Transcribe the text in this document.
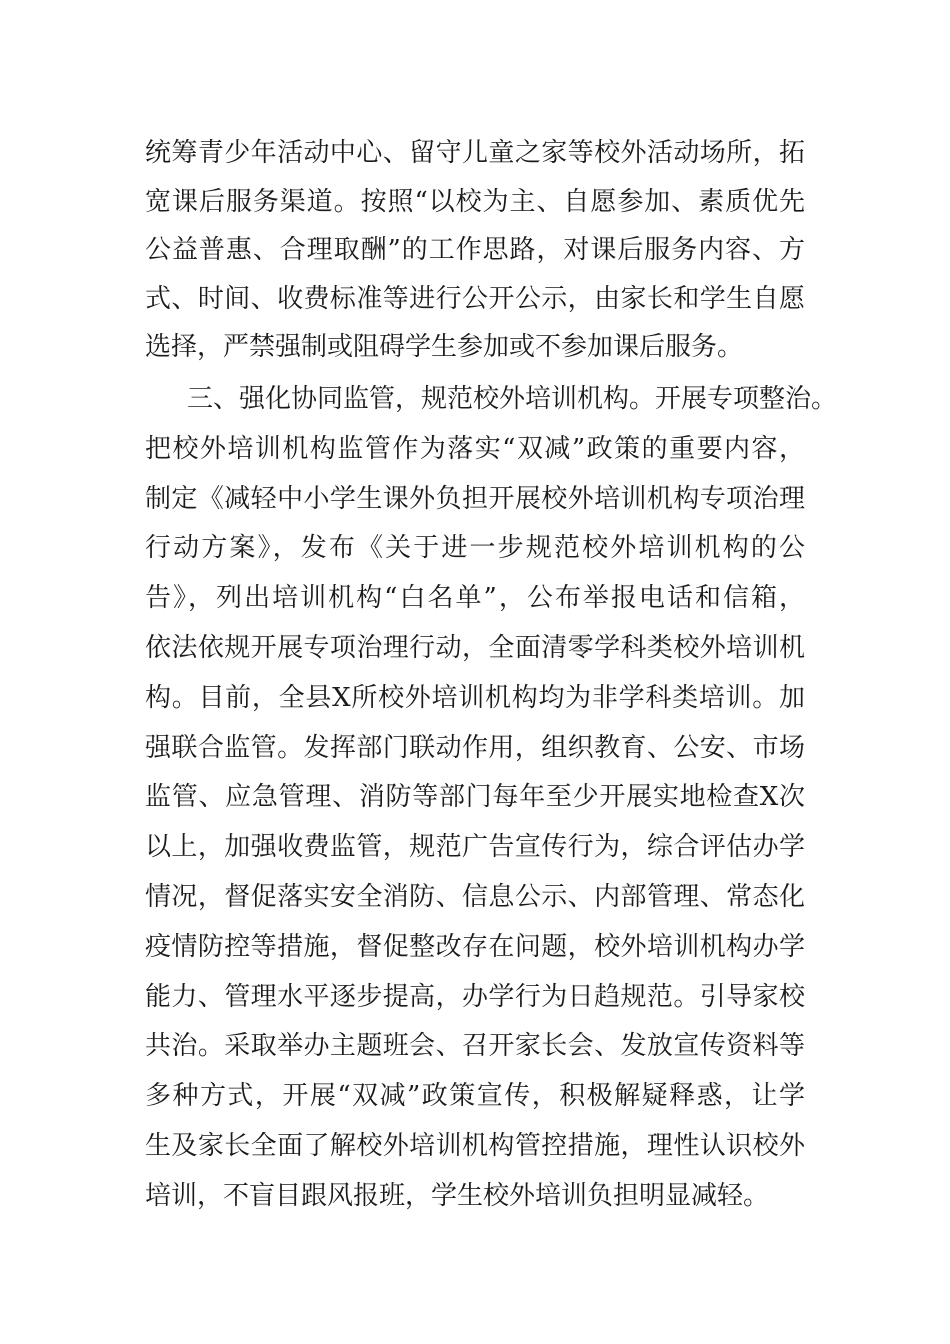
统筹青少年活动中心、留守儿童之家等校外活动场所，拓
宽课后服务渠道。按照“以校为主、自愿参加、素质优先
公益普惠、合理取酬”的工作思路，对课后服务内容、方
式、时间、收费标准等进行公开公示，由家长和学生自愿
选择，严禁强制或阻碍学生参加或不参加课后服务。
三、强化协同监管，规范校外培训机构。开展专项整治。
把校外培训机构监管作为落实“双减”政策的重要内容，
制定《减轻中小学生课外负担开展校外培训机构专项治理
行动方案》，发布《关于进一步规范校外培训机构的公
告》，列出培训机构“白名单”，公布举报电话和信箱，
依法依规开展专项治理行动，全面清零学科类校外培训机
构。目前，全县X所校外培训机构均为非学科类培训。加
强联合监管。发挥部门联动作用，组织教育、公安、市场
监管、应急管理、消防等部门每年至少开展实地检查X次
以上，加强收费监管，规范广告宣传行为，综合评估办学
情况，督促落实安全消防、信息公示、内部管理、常态化
疫情防控等措施，督促整改存在问题，校外培训机构办学
能力、管理水平逐步提高，办学行为日趋规范。引导家校
共治。采取举办主题班会、召开家长会、发放宣传资料等
多种方式，开展“双减”政策宣传，积极解疑释惑，让学
生及家长全面了解校外培训机构管控措施，理性认识校外
培训，不盲目跟风报班，学生校外培训负担明显减轻。
